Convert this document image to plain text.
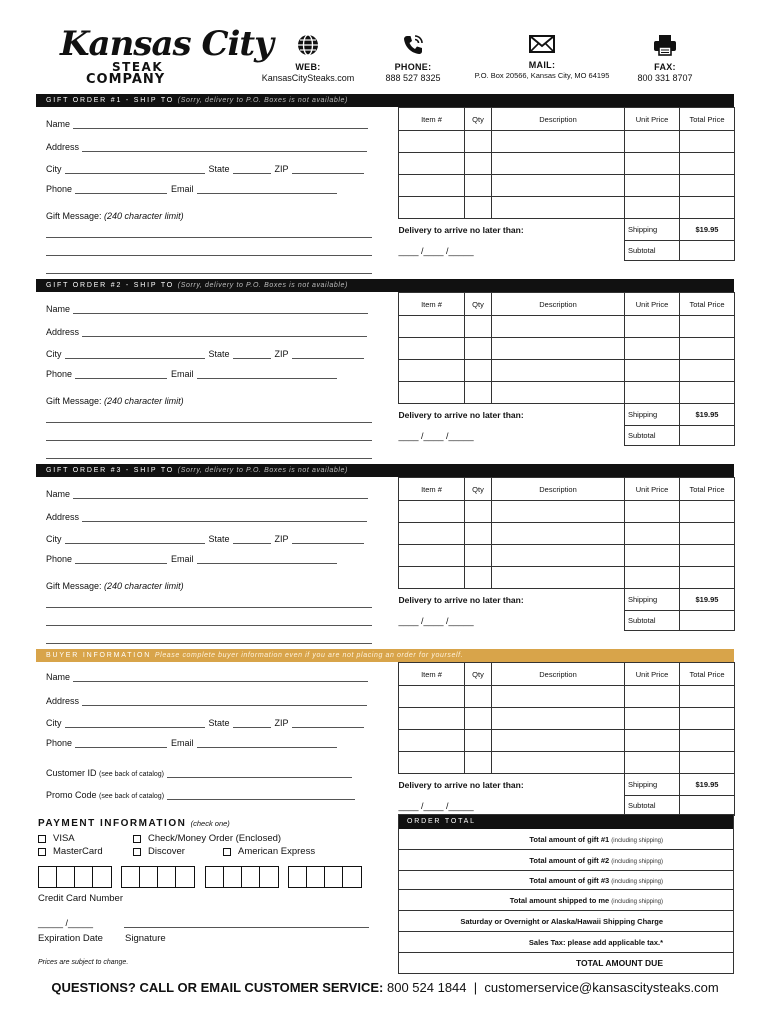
Kansas City
STEAK
COMPANY
WEB:
KansasCitySteaks.com
PHONE:
888 527 8325
MAIL:
P.O. Box 20566, Kansas City, MO 64195
FAX:
800 331 8707
GIFT ORDER #1 - SHIP TO (Sorry, delivery to P.O. Boxes is not available)
Name
Address
City	State	ZIP
Phone	Email
Gift Message:
(240 character limit)
Item #	Qty	Description	Unit Price	Total Price

Delivery to arrive no later than:			Shipping	$19.95
____ /____ /_____			Subtotal	
GIFT ORDER #2 - SHIP TO (Sorry, delivery to P.O. Boxes is not available)
Name
Address
City	State	ZIP
Phone	Email
Gift Message:
(240 character limit)
Item #	Qty	Description	Unit Price	Total Price

Delivery to arrive no later than:			Shipping	$19.95
____ /____ /_____			Subtotal	
GIFT ORDER #3 - SHIP TO (Sorry, delivery to P.O. Boxes is not available)
Name
Address
City	State	ZIP
Phone	Email
Gift Message:
(240 character limit)
Item #	Qty	Description	Unit Price	Total Price

Delivery to arrive no later than:			Shipping	$19.95
____ /____ /_____			Subtotal	
BUYER INFORMATION Please complete buyer information even if you are not placing an order for yourself.
Name
Address
City	State	ZIP
Phone	Email
Customer ID
(see back of catalog)
Promo Code
(see back of catalog)
Item #	Qty	Description	Unit Price	Total Price

Delivery to arrive no later than:			Shipping	$19.95
____ /____ /_____			Subtotal	
PAYMENT INFORMATION (check one)
VISA	Check/Money Order (Enclosed)
MasterCard	Discover	American Express
Credit Card Number
_____ /_____
Expiration Date Signature
Prices are subject to change.
ORDER TOTAL
Total amount of gift #1 (including shipping)
Total amount of gift #2 (including shipping)
Total amount of gift #3 (including shipping)
Total amount shipped to me (including shipping)
Saturday or Overnight or Alaska/Hawaii Shipping Charge
Sales Tax: please add applicable tax.*
TOTAL AMOUNT DUE
QUESTIONS? CALL OR EMAIL CUSTOMER SERVICE: 800 524 1844 | customerservice@kansascitysteaks.com
